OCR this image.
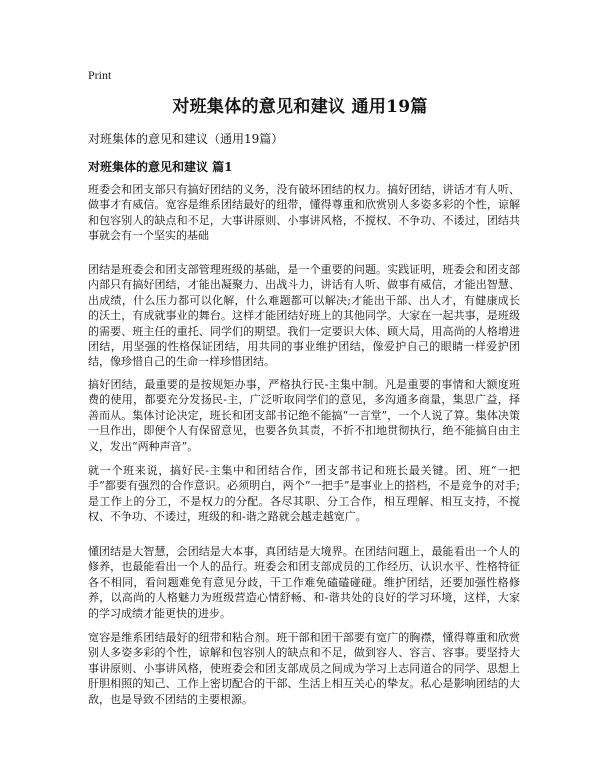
Print
对班集体的意见和建议 通用19篇

对班集体的意见和建议（通用19篇）

对班集体的意见和建议 篇1

班委会和团支部只有搞好团结的义务，没有破坏团结的权力。搞好团结，讲话才有人听、做事才有威信。宽容是维系团结最好的纽带，懂得尊重和欣赏别人多姿多彩的个性，谅解和包容别人的缺点和不足，大事讲原则、小事讲风格，不搅权、不争功、不诿过，团结共事就会有一个坚实的基础

团结是班委会和团支部管理班级的基础，是一个重要的问题。实践证明，班委会和团支部内部只有搞好团结，才能出凝聚力、出战斗力，讲话有人听、做事有威信，才能出智慧、出成绩，什么压力都可以化解，什么难题都可以解决;才能出干部、出人才，有健康成长的沃土，有成就事业的舞台。这样才能团结好班上的其他同学。大家在一起共事，是班级的需要、班主任的重托、同学们的期望。我们一定要识大体、顾大局，用高尚的人格增进团结，用坚强的性格保证团结，用共同的事业维护团结，像爱护自己的眼睛一样爱护团结，像珍惜自己的生命一样珍惜团结。

搞好团结，最重要的是按规矩办事，严格执行民-主集中制。凡是重要的事情和大额度班费的使用，都要充分发扬民-主，广泛听取同学们的意见，多沟通多商量，集思广益，择善而从。集体讨论决定，班长和团支部书记绝不能搞“一言堂”，一个人说了算。集体决策一旦作出，即便个人有保留意见，也要各负其责，不折不扣地贯彻执行，绝不能搞自由主义，发出“两种声音”。

就一个班来说，搞好民-主集中和团结合作，团支部书记和班长最关键。团、班“一把手”都要有强烈的合作意识。必须明白，两个“一把手”是事业上的搭档，不是竞争的对手;是工作上的分工，不是权力的分配。各尽其职、分工合作，相互理解、相互支持，不搅权、不争功、不诿过，班级的和-谐之路就会越走越宽广。

懂团结是大智慧，会团结是大本事，真团结是大境界。在团结问题上，最能看出一个人的修养，也最能看出一个人的品行。班委会和团支部成员的工作经历、认识水平、性格特征各不相同，看问题难免有意见分歧，干工作难免磕磕碰碰。维护团结，还要加强性格修养，以高尚的人格魅力为班级营造心情舒畅、和-谐共处的良好的学习环境，这样，大家的学习成绩才能更快的进步。

宽容是维系团结最好的纽带和粘合剂。班干部和团干部要有宽广的胸襟，懂得尊重和欣赏别人多姿多彩的个性，谅解和包容别人的缺点和不足，做到容人、容言、容事。要坚持大事讲原则、小事讲风格，使班委会和团支部成员之间成为学习上志同道合的同学、思想上肝胆相照的知己、工作上密切配合的干部、生活上相互关心的挚友。私心是影响团结的大敌，也是导致不团结的主要根源。
